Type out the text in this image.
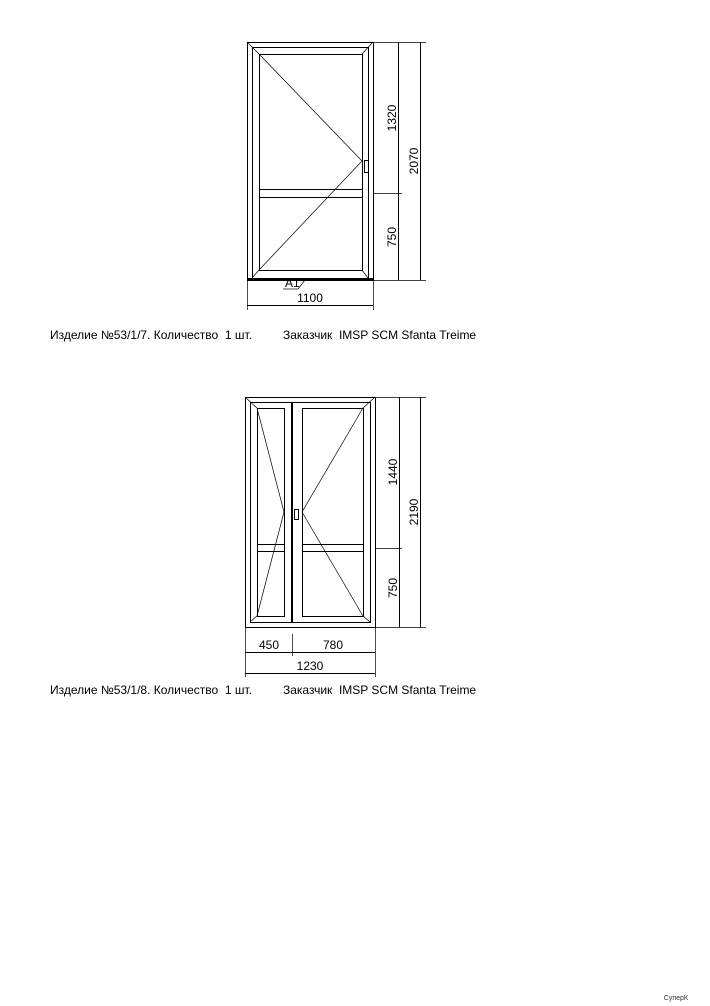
A1
1320
750
2070
1100
1440
750
2190
450	780
1230
Изделие №53/1/7. Количество  1 шт.	Заказчик  IMSP SCM Sfanta Treime
Изделие №53/1/8. Количество  1 шт.	Заказчик  IMSP SCM Sfanta Treime
СуперК
